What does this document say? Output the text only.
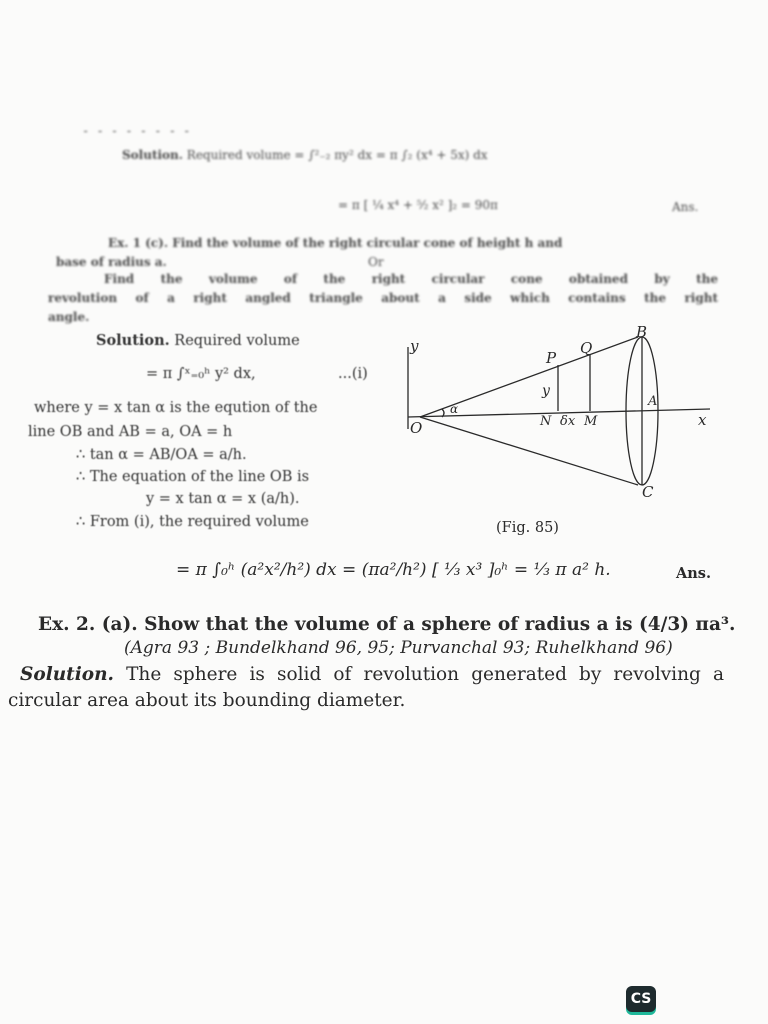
- - - - - - - -
Solution. Required volume = ∫²₋₂ πy² dx = π ∫₂ (x⁴ + 5x) dx
= π [ ¼ x⁴ + ⁵⁄₂ x² ]₂ = 90π	Ans.
Ex. 1 (c). Find the volume of the right circular cone of height h and
base of radius a.	Or
Find the volume of the right circular cone obtained by the
revolution of a right angled triangle about a side which contains the right
angle.
Solution. Required volume
= π ∫ˣ₌₀ʰ y² dx,	...(i)
where y = x tan α is the eqution of the
line OB and AB = a, OA = h
∴ tan α = AB/OA = a/h.
∴ The equation of the line OB is
y = x tan α = x (a/h).
∴ From (i), the required volume
y
x
O
α
P
Q
B
C
A
N δx M
y
(Fig. 85)
= π ∫₀ʰ (a²x²/h²) dx = (πa²/h²) [ ⅓ x³ ]₀ʰ = ⅓ π a² h.	Ans.
Ex. 2. (a). Show that the volume of a sphere of radius a is (4/3) πa³.
(Agra 93 ; Bundelkhand 96, 95; Purvanchal 93; Ruhelkhand 96)
Solution. The sphere is solid of revolution generated by revolving a
circular area about its bounding diameter.
CS
